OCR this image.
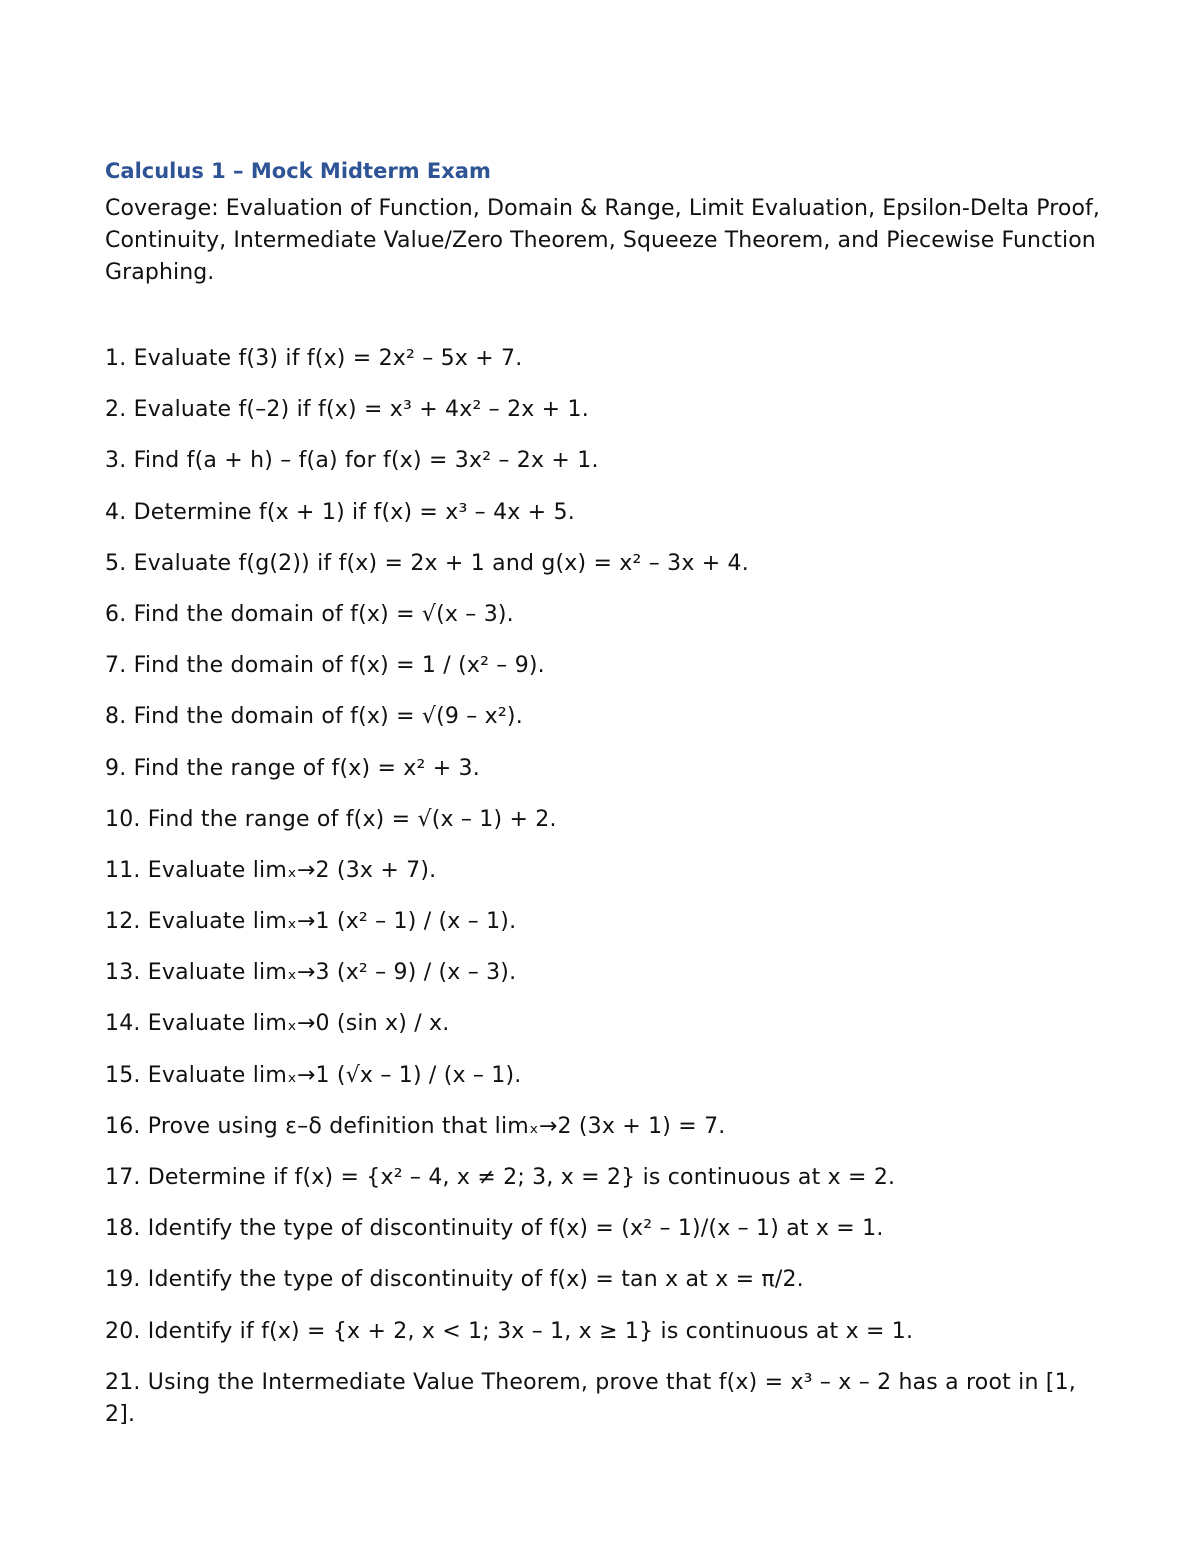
Calculus 1 – Mock Midterm Exam

Coverage: Evaluation of Function, Domain & Range, Limit Evaluation, Epsilon-Delta Proof, Continuity, Intermediate Value/Zero Theorem, Squeeze Theorem, and Piecewise Function Graphing.

1. Evaluate f(3) if f(x) = 2x² – 5x + 7.
2. Evaluate f(–2) if f(x) = x³ + 4x² – 2x + 1.
3. Find f(a + h) – f(a) for f(x) = 3x² – 2x + 1.
4. Determine f(x + 1) if f(x) = x³ – 4x + 5.
5. Evaluate f(g(2)) if f(x) = 2x + 1 and g(x) = x² – 3x + 4.
6. Find the domain of f(x) = √(x – 3).
7. Find the domain of f(x) = 1 / (x² – 9).
8. Find the domain of f(x) = √(9 – x²).
9. Find the range of f(x) = x² + 3.
10. Find the range of f(x) = √(x – 1) + 2.
11. Evaluate limₓ→2 (3x + 7).
12. Evaluate limₓ→1 (x² – 1) / (x – 1).
13. Evaluate limₓ→3 (x² – 9) / (x – 3).
14. Evaluate limₓ→0 (sin x) / x.
15. Evaluate limₓ→1 (√x – 1) / (x – 1).
16. Prove using ε–δ definition that limₓ→2 (3x + 1) = 7.
17. Determine if f(x) = {x² – 4, x ≠ 2; 3, x = 2} is continuous at x = 2.
18. Identify the type of discontinuity of f(x) = (x² – 1)/(x – 1) at x = 1.
19. Identify the type of discontinuity of f(x) = tan x at x = π/2.
20. Identify if f(x) = {x + 2, x < 1; 3x – 1, x ≥ 1} is continuous at x = 1.
21. Using the Intermediate Value Theorem, prove that f(x) = x³ – x – 2 has a root in [1, 2].
